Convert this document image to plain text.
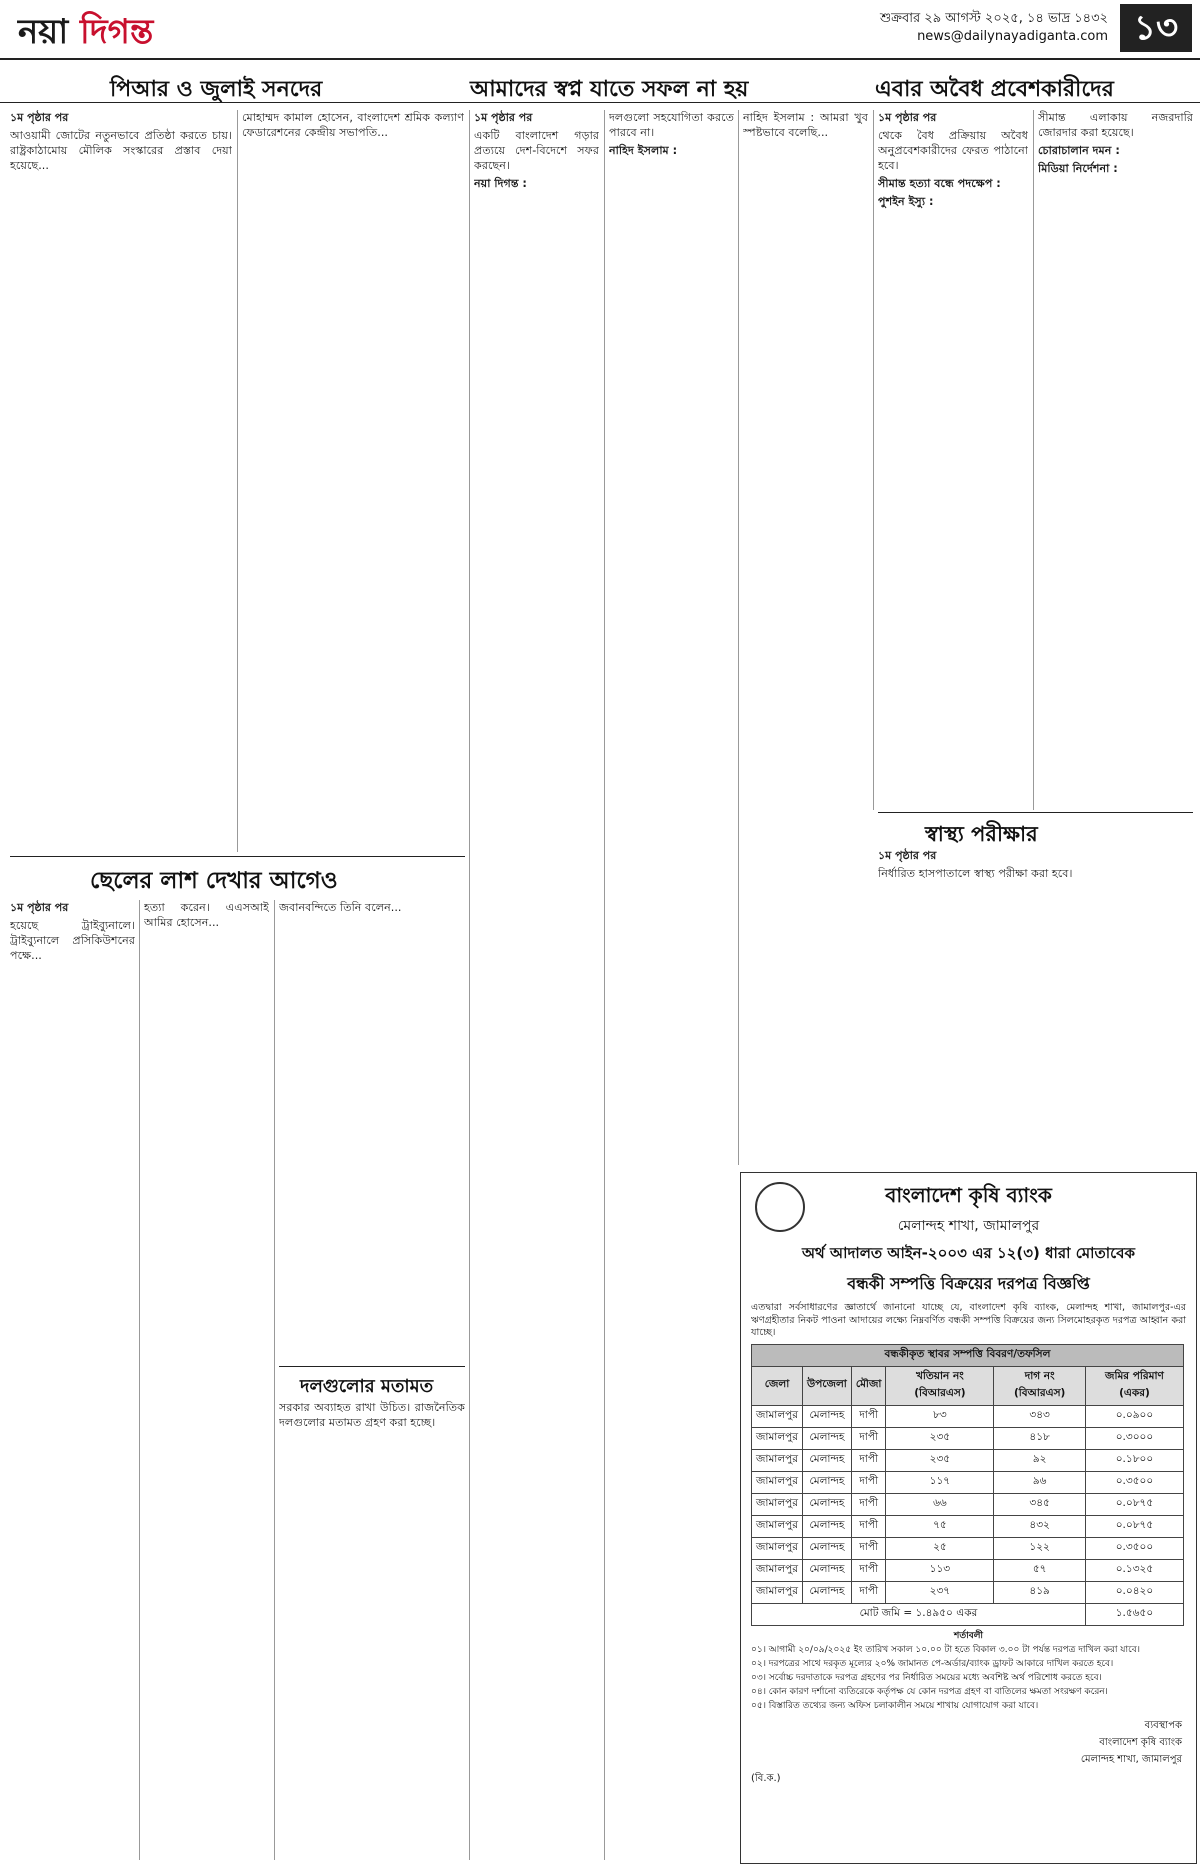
নয়া দিগন্ত	শুক্রবার ২৯ আগস্ট ২০২৫, ১৪ ভাদ্র ১৪৩২
news@dailynayadiganta.com ১৩
পিআর ও জুলাই সনদের	আমাদের স্বপ্ন যাতে সফল না হয়	এবার অবৈধ প্রবেশকারীদের

১ম পৃষ্ঠার পর

আওয়ামী জোটের নতুনভাবে প্রতিষ্ঠা করতে চায়। রাষ্ট্রকাঠামোয় মৌলিক সংস্কারের প্রস্তাব দেয়া হয়েছে...

মোহাম্মদ কামাল হোসেন, বাংলাদেশ শ্রমিক কল্যাণ ফেডারেশনের কেন্দ্রীয় সভাপতি...

১ম পৃষ্ঠার পর

একটি বাংলাদেশ গড়ার প্রত্যয়ে দেশ-বিদেশে সফর করছেন।

নয়া দিগন্ত :

দলগুলো সহযোগিতা করতে পারবে না।

নাহিদ ইসলাম :

নাহিদ ইসলাম : আমরা খুব স্পষ্টভাবে বলেছি...

১ম পৃষ্ঠার পর

থেকে বৈধ প্রক্রিয়ায় অবৈধ অনুপ্রবেশকারীদের ফেরত পাঠানো হবে।

সীমান্ত হত্যা বন্ধে পদক্ষেপ :

পুশইন ইস্যু :

সীমান্ত এলাকায় নজরদারি জোরদার করা হয়েছে।

চোরাচালান দমন :

মিডিয়া নির্দেশনা :

স্বাস্থ্য পরীক্ষার

১ম পৃষ্ঠার পর

নির্ধারিত হাসপাতালে স্বাস্থ্য পরীক্ষা করা হবে।

ছেলের লাশ দেখার আগেও

১ম পৃষ্ঠার পর

হয়েছে ট্রাইব্যুনালে। ট্রাইব্যুনালে প্রসিকিউশনের পক্ষে...

হত্যা করেন। এএসআই আমির হোসেন...

জবানবন্দিতে তিনি বলেন...

দলগুলোর মতামত

সরকার অব্যাহত রাখা উচিত। রাজনৈতিক দলগুলোর মতামত গ্রহণ করা হচ্ছে।

বাংলাদেশ কৃষি ব্যাংক
মেলান্দহ শাখা, জামালপুর
অর্থ আদালত আইন-২০০৩ এর ১২(৩) ধারা মোতাবেক
বন্ধকী সম্পত্তি বিক্রয়ের দরপত্র বিজ্ঞপ্তি
এতদ্বারা সর্বসাধারণের জ্ঞাতার্থে জানানো যাচ্ছে যে, বাংলাদেশ কৃষি ব্যাংক, মেলান্দহ শাখা, জামালপুর-এর ঋণগ্রহীতার নিকট পাওনা আদায়ের লক্ষ্যে নিম্নবর্ণিত বন্ধকী সম্পত্তি বিক্রয়ের জন্য সিলমোহরকৃত দরপত্র আহ্বান করা যাচ্ছে।
বন্ধকীকৃত স্থাবর সম্পত্তি বিবরণ/তফসিল					
জেলা	উপজেলা	মৌজা	খতিয়ান নং (বিআরএস)	দাগ নং (বিআরএস)	জমির পরিমাণ (একর)
জামালপুর	মেলান্দহ	দাপী	৮৩	৩৪৩	০.০৯০০
জামালপুর	মেলান্দহ	দাপী	২৩৫	৪১৮	০.৩০০০
জামালপুর	মেলান্দহ	দাপী	২৩৫	৯২	০.১৮০০
জামালপুর	মেলান্দহ	দাপী	১১৭	৯৬	০.৩৫০০
জামালপুর	মেলান্দহ	দাপী	৬৬	৩৪৫	০.০৮৭৫
জামালপুর	মেলান্দহ	দাপী	৭৫	৪৩২	০.০৮৭৫
জামালপুর	মেলান্দহ	দাপী	২৫	১২২	০.৩৫০০
জামালপুর	মেলান্দহ	দাপী	১১৩	৫৭	০.১৩২৫
জামালপুর	মেলান্দহ	দাপী	২৩৭	৪১৯	০.০৪২০
মোট জমি = ১.৪৯৫০ একর					১.৫৬৫০
শর্তাবলী
০১। আগামী ২০/০৯/২০২৫ ইং তারিখ সকাল ১০.০০ টা হতে বিকাল ৩.০০ টা পর্যন্ত দরপত্র দাখিল করা যাবে।
০২। দরপত্রের সাথে দরকৃত মূল্যের ২০% জামানত পে-অর্ডার/ব্যাংক ড্রাফট আকারে দাখিল করতে হবে।
০৩। সর্বোচ্চ দরদাতাকে দরপত্র গ্রহণের পর নির্ধারিত সময়ের মধ্যে অবশিষ্ট অর্থ পরিশোধ করতে হবে।
০৪। কোন কারণ দর্শানো ব্যতিরেকে কর্তৃপক্ষ যে কোন দরপত্র গ্রহণ বা বাতিলের ক্ষমতা সংরক্ষণ করেন।
০৫। বিস্তারিত তথ্যের জন্য অফিস চলাকালীন সময়ে শাখায় যোগাযোগ করা যাবে।
ব্যবস্থাপক
বাংলাদেশ কৃষি ব্যাংক
মেলান্দহ শাখা, জামালপুর
(বি.ক.)
